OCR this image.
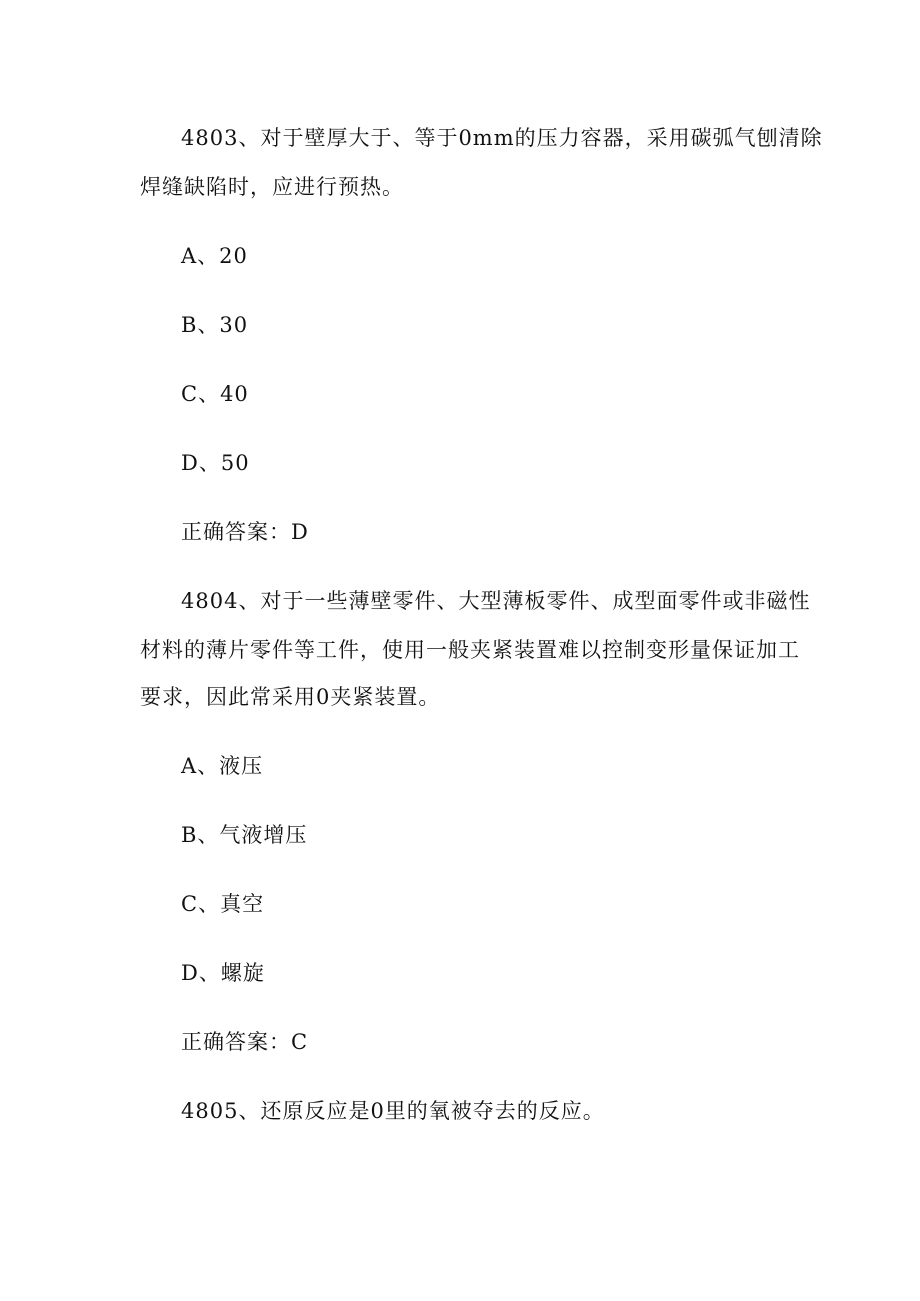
4803、对于壁厚大于、等于0mm的压力容器，采用碳弧气刨清除
焊缝缺陷时，应进行预热。
A、20
B、30
C、40
D、50
正确答案：D
4804、对于一些薄壁零件、大型薄板零件、成型面零件或非磁性
材料的薄片零件等工件，使用一般夹紧装置难以控制变形量保证加工
要求，因此常采用0夹紧装置。
A、液压
B、气液增压
C、真空
D、螺旋
正确答案：C
4805、还原反应是0里的氧被夺去的反应。
